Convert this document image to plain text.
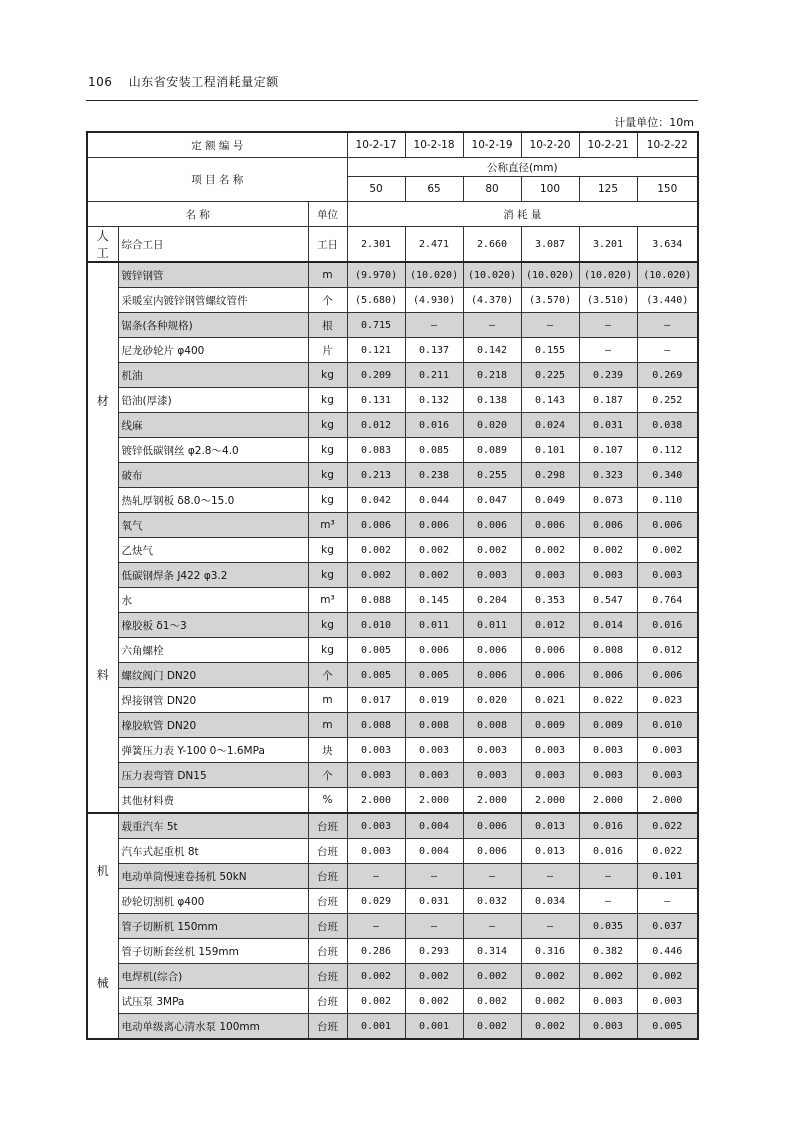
106 山东省安装工程消耗量定额
计量单位：10m
定 额 编 号			10-2-17	10-2-18	10-2-19	10-2-20	10-2-21	10-2-22
项 目 名 称			公称直径(mm)					
			50	65	80	100	125	150
名 称		单位	消 耗 量					

人
工	综合工日	工日	2.301	2.471	2.660	3.087	3.201	3.634

材
料	镀锌钢管	m	(9.970)	(10.020)	(10.020)	(10.020)	(10.020)	(10.020)
	采暖室内镀锌钢管螺纹管件	个	(5.680)	(4.930)	(4.370)	(3.570)	(3.510)	(3.440)
	锯条(各种规格)	根	0.715	—	—	—	—	—
	尼龙砂轮片 φ400	片	0.121	0.137	0.142	0.155	—	—
	机油	kg	0.209	0.211	0.218	0.225	0.239	0.269
	铅油(厚漆)	kg	0.131	0.132	0.138	0.143	0.187	0.252
	线麻	kg	0.012	0.016	0.020	0.024	0.031	0.038
	镀锌低碳钢丝 φ2.8～4.0	kg	0.083	0.085	0.089	0.101	0.107	0.112
	破布	kg	0.213	0.238	0.255	0.298	0.323	0.340
	热轧厚钢板 δ8.0～15.0	kg	0.042	0.044	0.047	0.049	0.073	0.110
	氧气	m³	0.006	0.006	0.006	0.006	0.006	0.006
	乙炔气	kg	0.002	0.002	0.002	0.002	0.002	0.002
	低碳钢焊条 J422 φ3.2	kg	0.002	0.002	0.003	0.003	0.003	0.003
	水	m³	0.088	0.145	0.204	0.353	0.547	0.764
	橡胶板 δ1～3	kg	0.010	0.011	0.011	0.012	0.014	0.016
	六角螺栓	kg	0.005	0.006	0.006	0.006	0.008	0.012
	螺纹阀门 DN20	个	0.005	0.005	0.006	0.006	0.006	0.006
	焊接钢管 DN20	m	0.017	0.019	0.020	0.021	0.022	0.023
	橡胶软管 DN20	m	0.008	0.008	0.008	0.009	0.009	0.010
	弹簧压力表 Y-100 0～1.6MPa	块	0.003	0.003	0.003	0.003	0.003	0.003
	压力表弯管 DN15	个	0.003	0.003	0.003	0.003	0.003	0.003
	其他材料费	%	2.000	2.000	2.000	2.000	2.000	2.000

机
械	载重汽车 5t	台班	0.003	0.004	0.006	0.013	0.016	0.022
	汽车式起重机 8t	台班	0.003	0.004	0.006	0.013	0.016	0.022
	电动单筒慢速卷扬机 50kN	台班	—	—	—	—	—	0.101
	砂轮切割机 φ400	台班	0.029	0.031	0.032	0.034	—	—
	管子切断机 150mm	台班	—	—	—	—	0.035	0.037
	管子切断套丝机 159mm	台班	0.286	0.293	0.314	0.316	0.382	0.446
	电焊机(综合)	台班	0.002	0.002	0.002	0.002	0.002	0.002
	试压泵 3MPa	台班	0.002	0.002	0.002	0.002	0.003	0.003
	电动单级离心清水泵 100mm	台班	0.001	0.001	0.002	0.002	0.003	0.005
